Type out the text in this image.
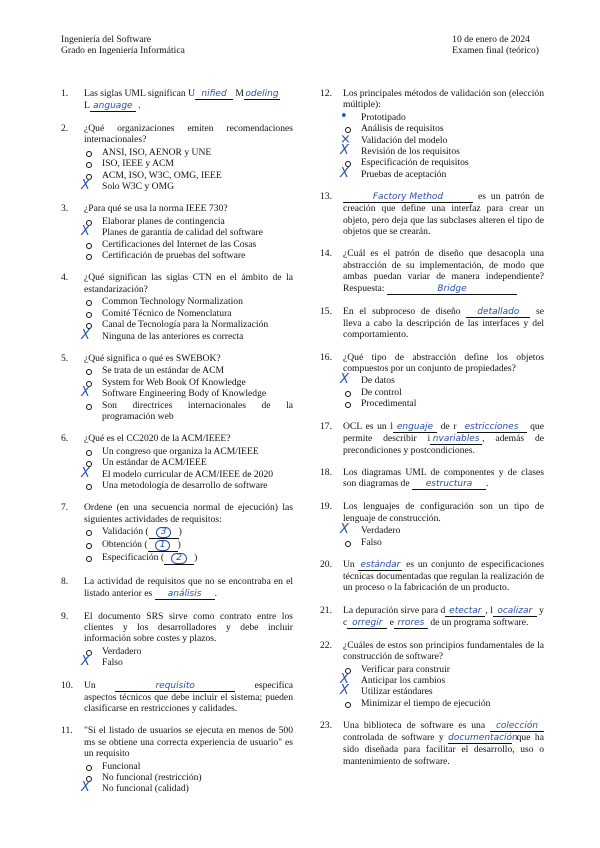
Ingeniería del Software
Grado en Ingeniería Informática
10 de enero de 2024
Examen final (teórico)
1. Las siglas UML significan U nified Modeling
L anguage .
2. ¿Qué organizaciones emiten recomendaciones internacionales?
ANSI, ISO, AENOR y UNE
ISO, IEEE y ACM
ACM, ISO, W3C, OMG, IEEE
X Solo W3C y OMG
3. ¿Para qué se usa la norma IEEE 730?
Elaborar planes de contingencia
X Planes de garantía de calidad del software
Certificaciones del Internet de las Cosas
Certificación de pruebas del software
4. ¿Qué significan las siglas CTN en el ámbito de la estandarización?
Common Technology Normalization
Comité Técnico de Nomenclatura
Canal de Tecnología para la Normalización
X Ninguna de las anteriores es correcta
5. ¿Qué significa o qué es SWEBOK?
Se trata de un estándar de ACM
System for Web Book Of Knowledge
X Software Engineering Body of Knowledge
Son directrices internacionales de la programación web
6. ¿Qué es el CC2020 de la ACM/IEEE?
Un congreso que organiza la ACM/IEEE
Un estándar de ACM/IEEE
X El modelo curricular de ACM/IEEE de 2020
Una metodología de desarrollo de software
7. Ordene (en una secuencia normal de ejecución) las siguientes actividades de requisitos:
Validación ( 3 )
Obtención ( 1 )
Especificación ( 2 )
8. La actividad de requisitos que no se encontraba en el listado anterior es análisis .
9. El documento SRS sirve como contrato entre los clientes y los desarrolladores y debe incluir información sobre costes y plazos.
Verdadero
X Falso
10. Un	requisito	especifica aspectos técnicos que debe incluir el sistema; pueden clasificarse en restricciones y calidades.
11. "Si el listado de usuarios se ejecuta en menos de 500 ms se obtiene una correcta experiencia de usuario" es un requisito
Funcional
No funcional (restricción)
X No funcional (calidad)
12. Los principales métodos de validación son (elección múltiple):
• Prototipado
Análisis de requisitos
× Validación del modelo
X Revisión de los requisitos
Especificación de requisitos
X Pruebas de aceptación
13.	Factory Method	es un patrón de creación que define una interfaz para crear un objeto, pero deja que las subclases alteren el tipo de objetos que se crearán.
14. ¿Cuál es el patrón de diseño que desacopla una abstracción de su implementación, de modo que ambas puedan variar de manera independiente? Respuesta:	Bridge
15. En el subproceso de diseño detallado se lleva a cabo la descripción de las interfaces y del comportamiento.
16. ¿Qué tipo de abstracción define los objetos compuestos por un conjunto de propiedades?
X De datos
De control
Procedimental
17. OCL es un l enguaje de r estricciones que permite describir i nvariables , además de precondiciones y postcondiciones.
18. Los diagramas UML de componentes y de clases son diagramas de estructura .
19. Los lenguajes de configuración son un tipo de lenguaje de construcción.
X Verdadero
Falso
20. Un estándar es un conjunto de especificaciones técnicas documentadas que regulan la realización de un proceso o la fabricación de un producto.
21. La depuración sirve para d etectar , l ocalizar y c orregir e rrores de un programa software.
22. ¿Cuáles de estos son principios fundamentales de la construcción de software?
Verificar para construir
X Anticipar los cambios
X Utilizar estándares
Minimizar el tiempo de ejecución
23. Una biblioteca de software es una colección controlada de software y documentación que ha sido diseñada para facilitar el desarrollo, uso o mantenimiento de software.
